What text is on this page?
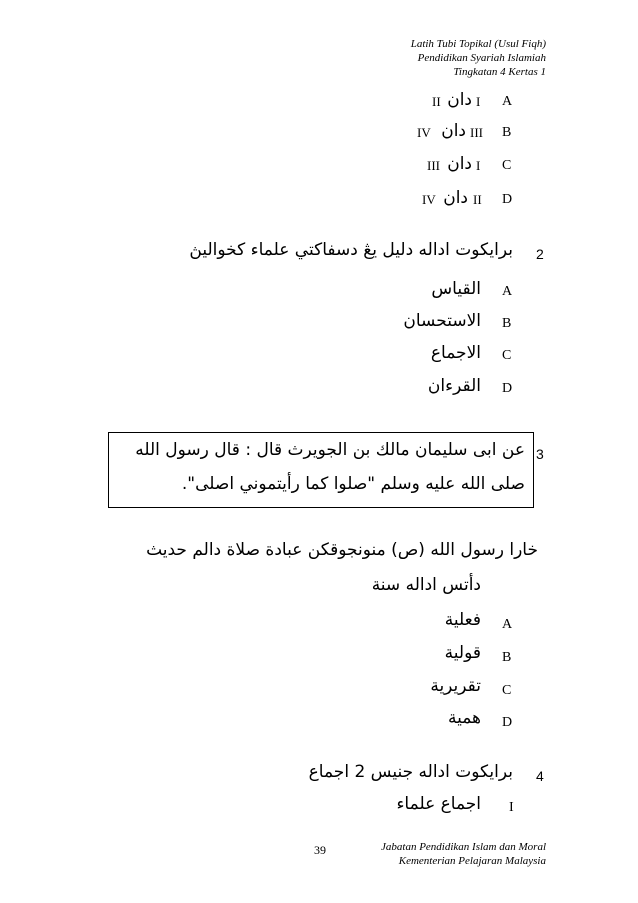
Latih Tubi Topikal (Usul Fiqh)
Pendidikan Syariah Islamiah
Tingkatan 4 Kertas 1
A
I
دان
II
B
III
دان
IV
C
I
دان
III
D
II
دان
IV
2
برايكوت اداله دليل يڠ دسفاكتي علماء كخواليڽ
A
القياس
B
الاستحسان
C
الاجماع
D
القرءان
3
عن ابى سليمان مالك بن الجويرث قال : قال رسول الله
صلى الله عليه وسلم "صلوا كما رأيتموني اصلى".
خارا رسول الله (ص) منونجوقكن عبادة صلاة دالم حديث
دأتس اداله سنة
A
فعلية
B
قولية
C
تقريرية
D
همية
4
برايكوت اداله جنيس 2 اجماع
I
اجماع علماء
39	Jabatan Pendidikan Islam dan Moral
Kementerian Pelajaran Malaysia
